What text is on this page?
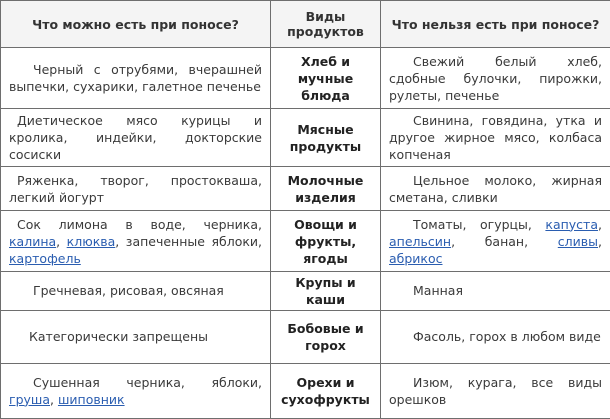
Что можно есть при поносе?	Виды продуктов	Что нельзя есть при поносе?
Черный с отрубями, вчерашней выпечки, сухарики, галетное печенье	Хлеб и мучные блюда	Свежий белый хлеб, сдобные булочки, пирожки, рулеты, печенье
Диетическое мясо курицы и кролика, индейки, докторские сосиски	Мясные продукты	Свинина, говядина, утка и другое жирное мясо, колбаса копченая
Ряженка, творог, простокваша, легкий йогурт	Молочные изделия	Цельное молоко, жирная сметана, сливки
Сок лимона в воде, черника, калина, клюква, запеченные яблоки, картофель	Овощи и фрукты, ягоды	Томаты, огурцы, капуста, апельсин, банан, сливы, абрикос
Гречневая, рисовая, овсяная	Крупы и каши	Манная
Категорически запрещены	Бобовые и горох	Фасоль, горох в любом виде
Сушенная черника, яблоки, груша, шиповник	Орехи и сухофрукты	Изюм, курага, все виды орешков
